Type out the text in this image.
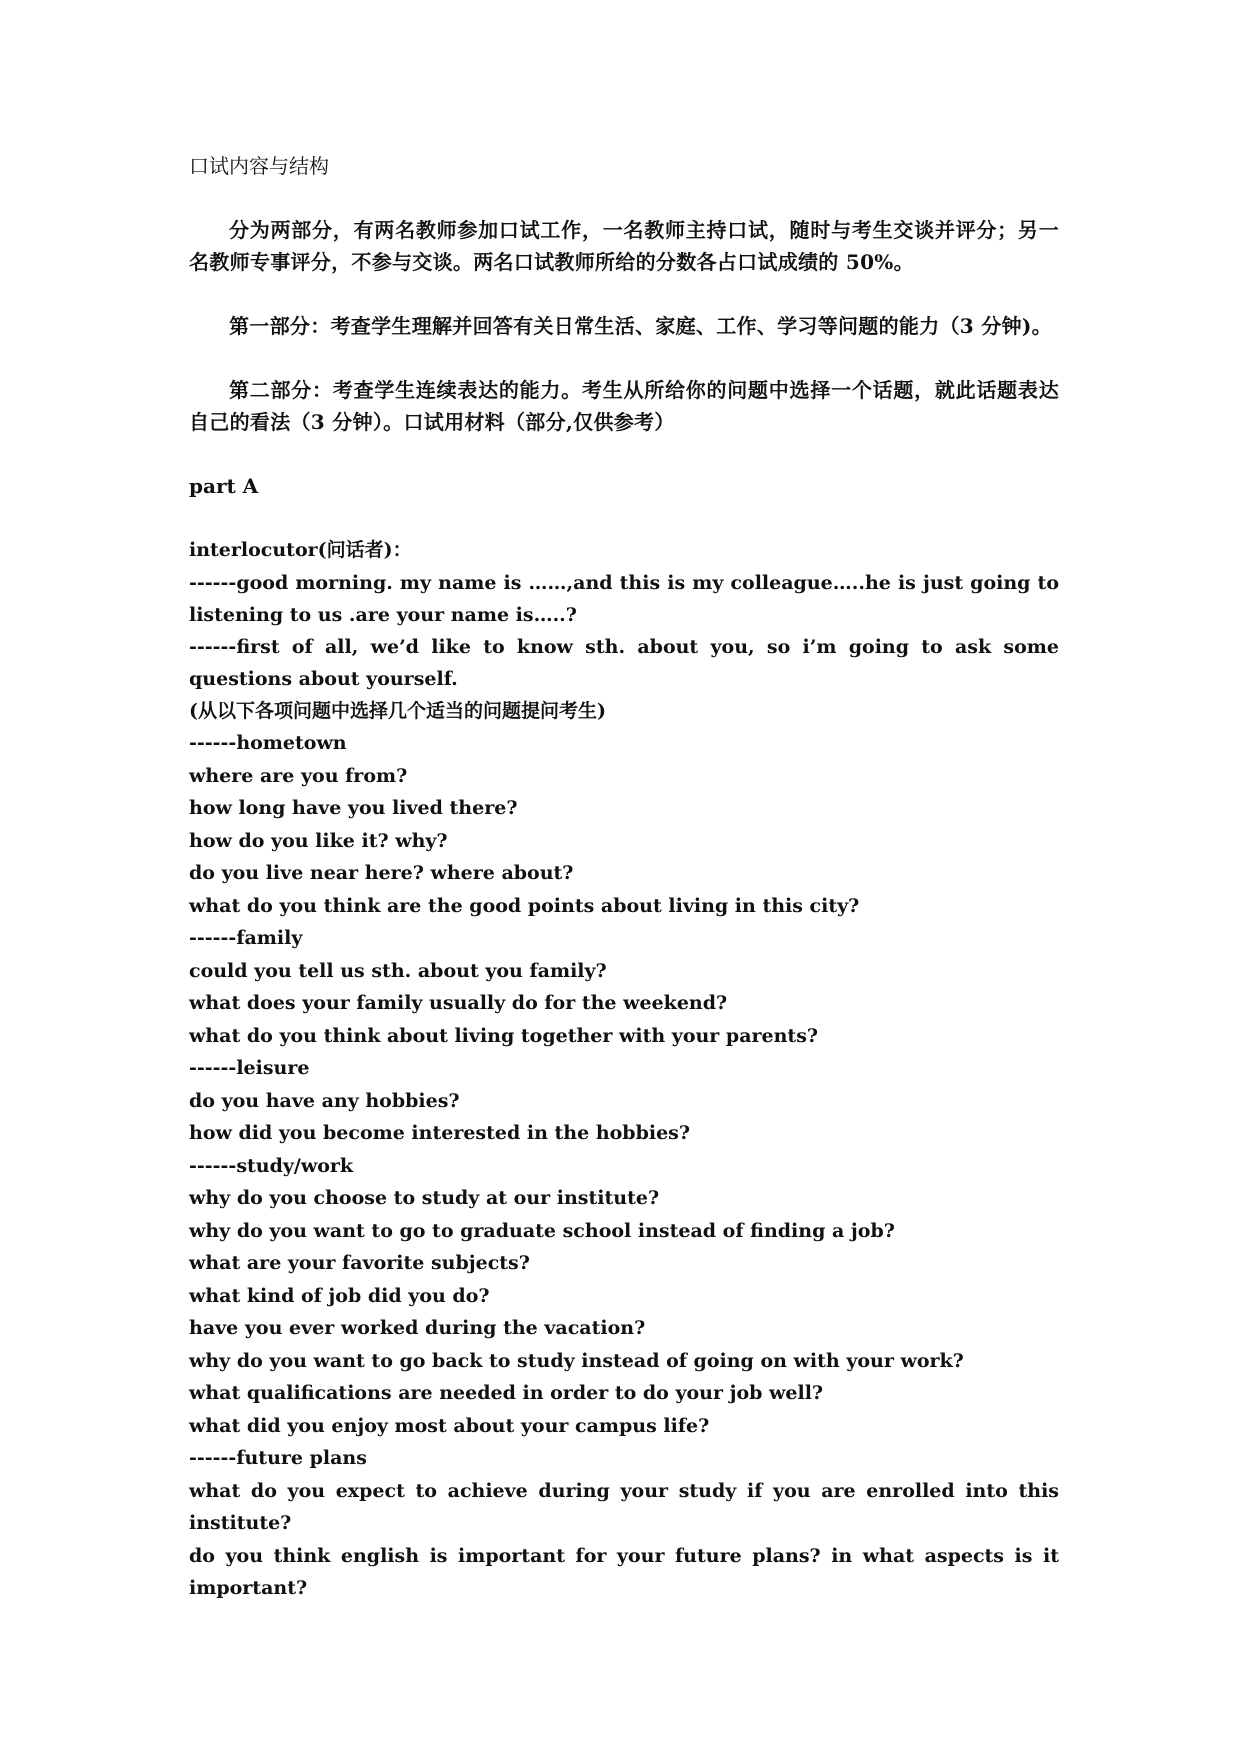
口试内容与结构

分为两部分，有两名教师参加口试工作，一名教师主持口试，随时与考生交谈并评分；另一名教师专事评分，不参与交谈。两名口试教师所给的分数各占口试成绩的 50%。

第一部分：考查学生理解并回答有关日常生活、家庭、工作、学习等问题的能力（3 分钟)。

第二部分：考查学生连续表达的能力。考生从所给你的问题中选择一个话题，就此话题表达自己的看法（3 分钟）。口试用材料（部分,仅供参考）

part A
interlocutor(问话者)：
------good morning. my name is ……,and this is my colleague…..he is just going to listening to us .are your name is…..?
------first of all, we’d like to know sth. about you, so i’m going to ask some questions about yourself.
(从以下各项问题中选择几个适当的问题提问考生)
------hometown
where are you from?
how long have you lived there?
how do you like it? why?
do you live near here? where about?
what do you think are the good points about living in this city?
------family
could you tell us sth. about you family?
what does your family usually do for the weekend?
what do you think about living together with your parents?
------leisure
do you have any hobbies?
how did you become interested in the hobbies?
------study/work
why do you choose to study at our institute?
why do you want to go to graduate school instead of finding a job?
what are your favorite subjects?
what kind of job did you do?
have you ever worked during the vacation?
why do you want to go back to study instead of going on with your work?
what qualifications are needed in order to do your job well?
what did you enjoy most about your campus life?
------future plans
what do you expect to achieve during your study if you are enrolled into this institute?
do you think english is important for your future plans? in what aspects is it important?
